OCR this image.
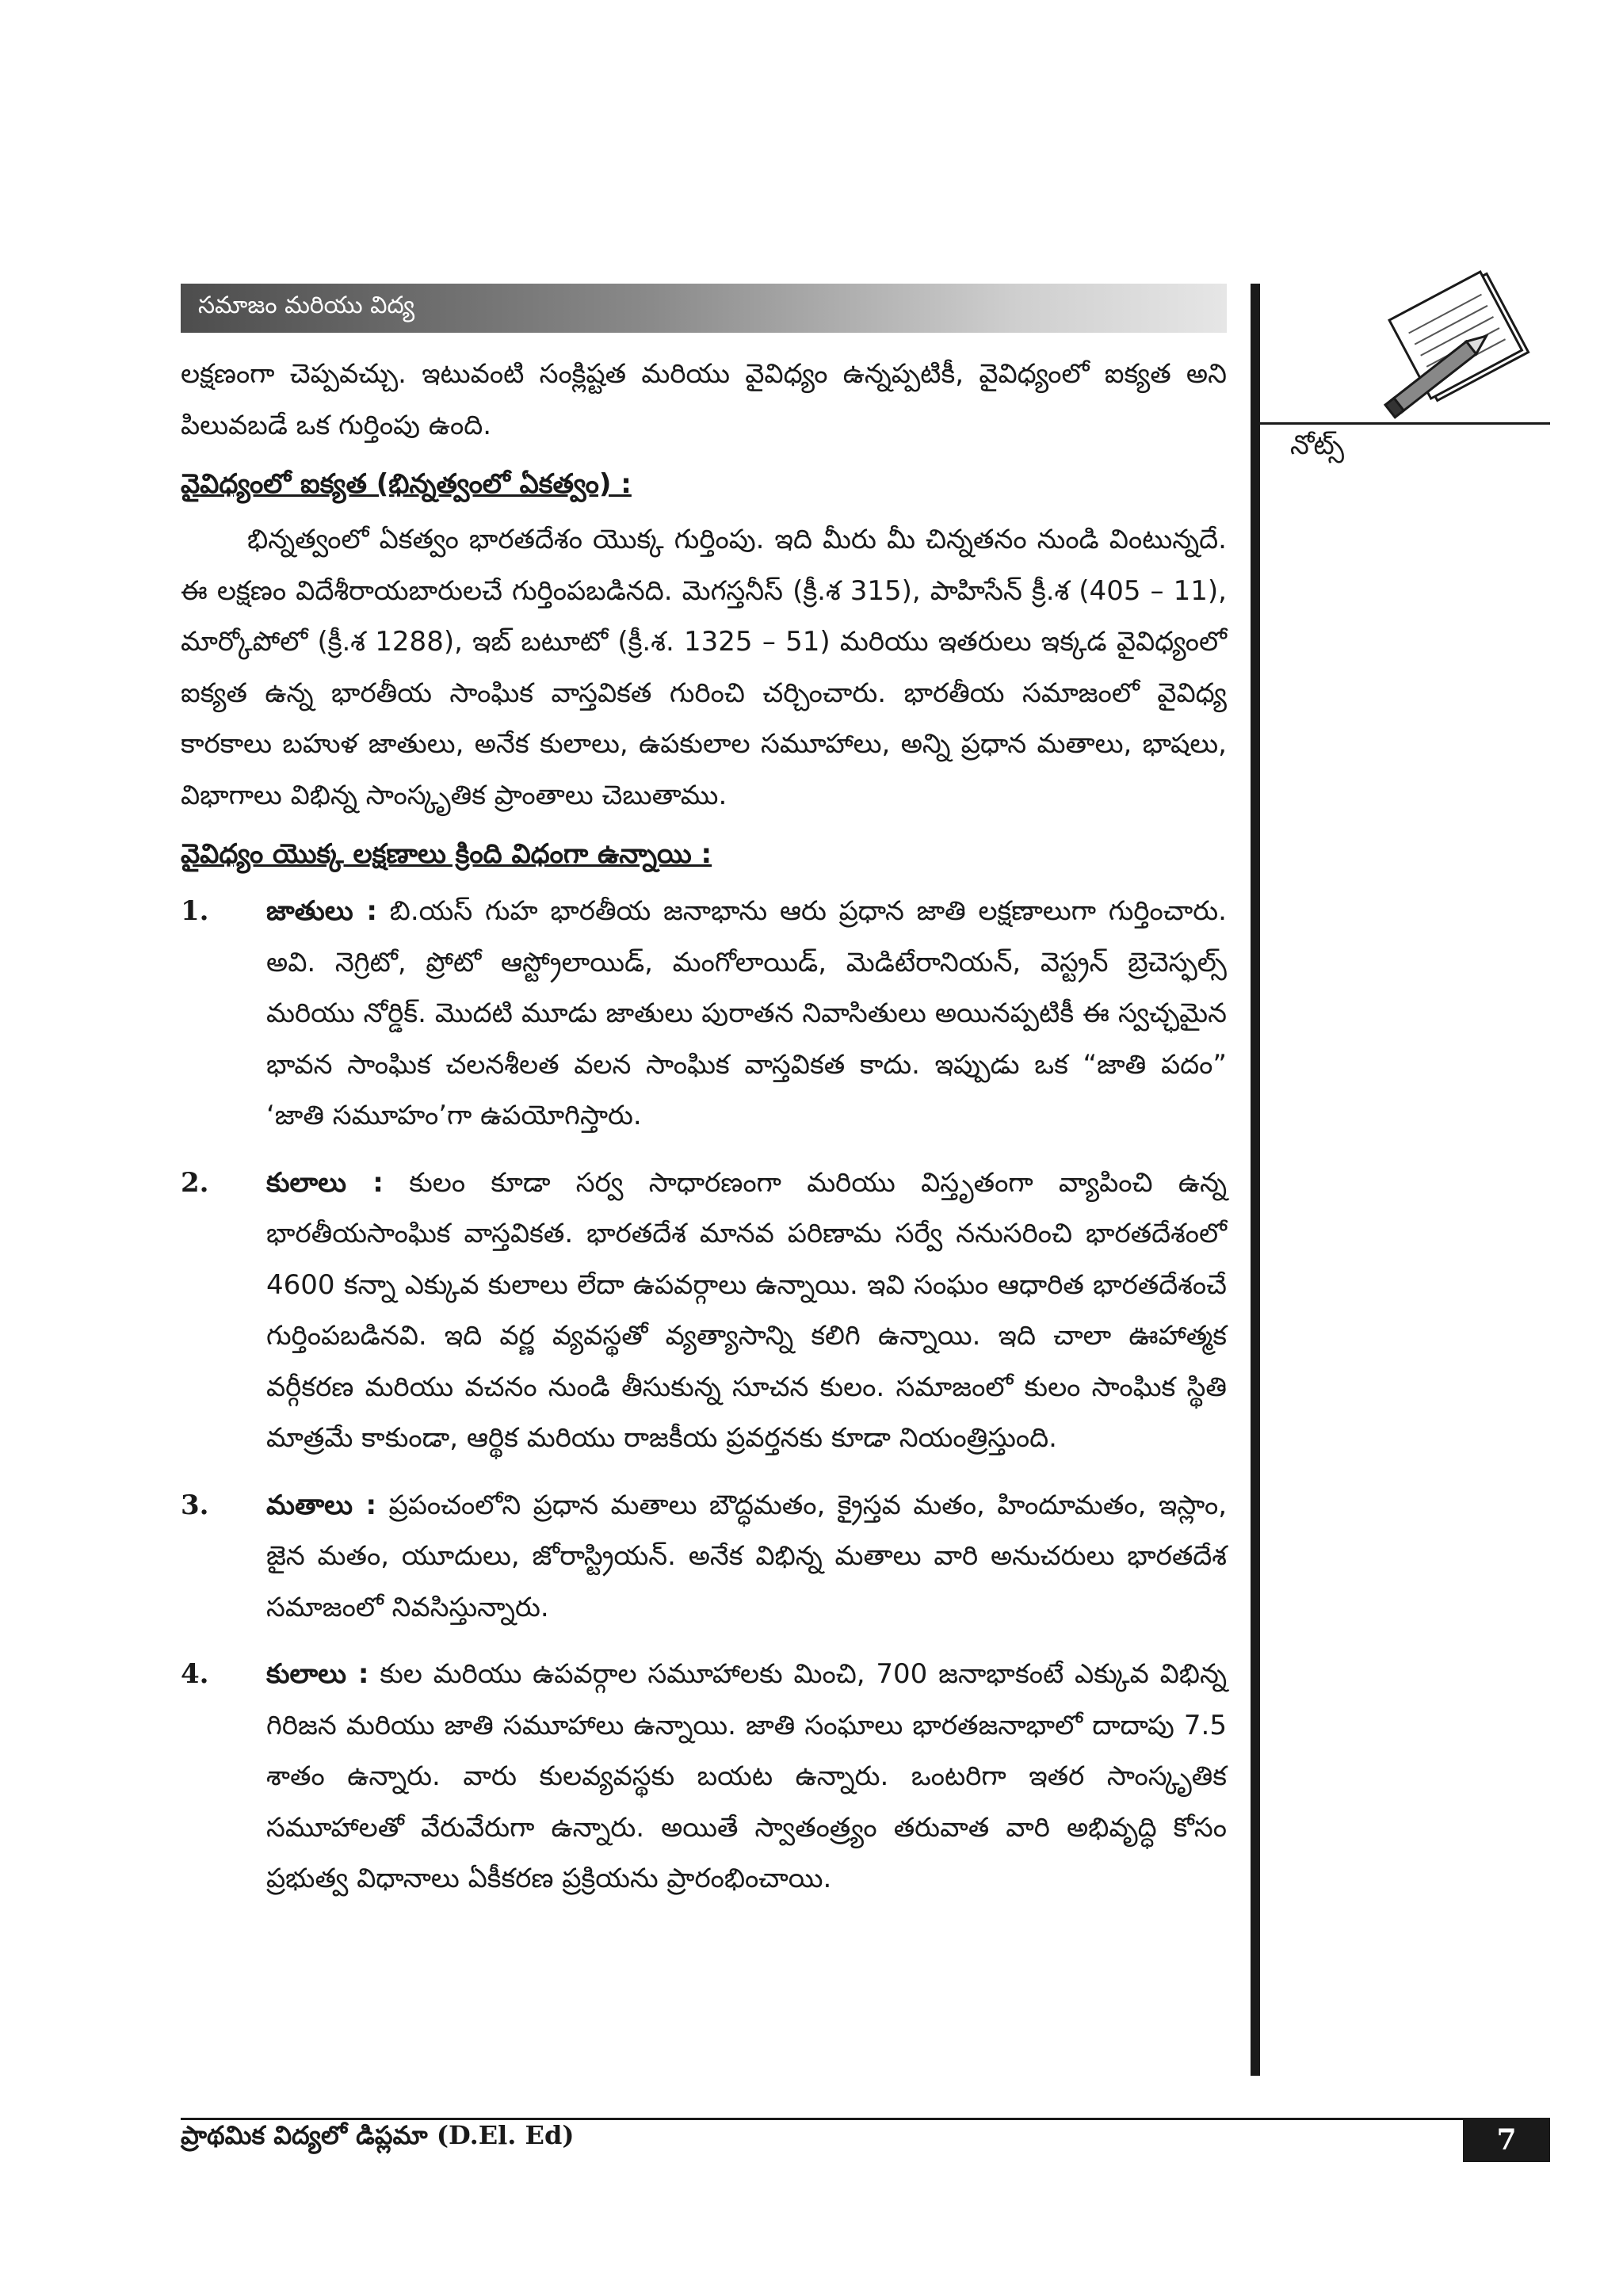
సమాజం మరియు విద్య
నోట్స్

లక్షణంగా చెప్పవచ్చు. ఇటువంటి సంక్లిష్టత మరియు వైవిధ్యం ఉన్నప్పటికీ, వైవిధ్యంలో ఐక్యత అని పిలువబడే ఒక గుర్తింపు ఉంది.

వైవిధ్యంలో ఐక్యత (భిన్నత్వంలో ఏకత్వం) :

భిన్నత్వంలో ఏకత్వం భారతదేశం యొక్క గుర్తింపు. ఇది మీరు మీ చిన్నతనం నుండి వింటున్నదే. ఈ లక్షణం విదేశీరాయబారులచే గుర్తింపబడినది. మెగస్తనీస్ (క్రీ.శ 315), పాహిసేన్ క్రీ.శ (405 – 11), మార్కోపోలో (క్రీ.శ 1288), ఇబ్ బటూటో (క్రీ.శ. 1325 – 51) మరియు ఇతరులు ఇక్కడ వైవిధ్యంలో ఐక్యత ఉన్న భారతీయ సాంఘిక వాస్తవికత గురించి చర్చించారు. భారతీయ సమాజంలో వైవిధ్య కారకాలు బహుళ జాతులు, అనేక కులాలు, ఉపకులాల సమూహాలు, అన్ని ప్రధాన మతాలు, భాషలు, విభాగాలు విభిన్న సాంస్కృతిక ప్రాంతాలు చెబుతాము.

వైవిధ్యం యొక్క లక్షణాలు క్రింది విధంగా ఉన్నాయి :
1.	జాతులు : బి.యస్ గుహ భారతీయ జనాభాను ఆరు ప్రధాన జాతి లక్షణాలుగా గుర్తించారు. అవి. నెగ్రిటో, ప్రోటో ఆస్ట్రోలాయిడ్, మంగోలాయిడ్, మెడిటేరానియన్, వెస్ట్రన్ బ్రెచెస్ఫల్స్ మరియు నోర్డిక్. మొదటి మూడు జాతులు పురాతన నివాసితులు అయినప్పటికీ ఈ స్వచ్ఛమైన భావన సాంఘిక చలనశీలత వలన సాంఘిక వాస్తవికత కాదు. ఇప్పుడు ఒక “జాతి పదం” ‘జాతి సమూహం’గా ఉపయోగిస్తారు.
2.	కులాలు : కులం కూడా సర్వ సాధారణంగా మరియు విస్తృతంగా వ్యాపించి ఉన్న భారతీయసాంఘిక వాస్తవికత. భారతదేశ మానవ పరిణామ సర్వే ననుసరించి భారతదేశంలో 4600 కన్నా ఎక్కువ కులాలు లేదా ఉపవర్గాలు ఉన్నాయి. ఇవి సంఘం ఆధారిత భారతదేశంచే గుర్తింపబడినవి. ఇది వర్ణ వ్యవస్థతో వ్యత్యాసాన్ని కలిగి ఉన్నాయి. ఇది చాలా ఊహాత్మక వర్గీకరణ మరియు వచనం నుండి తీసుకున్న సూచన కులం. సమాజంలో కులం సాంఘిక స్థితి మాత్రమే కాకుండా, ఆర్థిక మరియు రాజకీయ ప్రవర్తనకు కూడా నియంత్రిస్తుంది.
3.	మతాలు : ప్రపంచంలోని ప్రధాన మతాలు బౌద్ధమతం, క్రైస్తవ మతం, హిందూమతం, ఇస్లాం, జైన మతం, యూదులు, జోరాస్ట్రియన్. అనేక విభిన్న మతాలు వారి అనుచరులు భారతదేశ సమాజంలో నివసిస్తున్నారు.
4.	కులాలు : కుల మరియు ఉపవర్గాల సమూహాలకు మించి, 700 జనాభాకంటే ఎక్కువ విభిన్న గిరిజన మరియు జాతి సమూహాలు ఉన్నాయి. జాతి సంఘాలు భారతజనాభాలో దాదాపు 7.5 శాతం ఉన్నారు. వారు కులవ్యవస్థకు బయట ఉన్నారు. ఒంటరిగా ఇతర సాంస్కృతిక సమూహాలతో వేరువేరుగా ఉన్నారు. అయితే స్వాతంత్ర్యం తరువాత వారి అభివృద్ధి కోసం ప్రభుత్వ విధానాలు ఏకీకరణ ప్రక్రియను ప్రారంభించాయి.
ప్రాథమిక విద్యలో డిప్లమా (D.El. Ed)	7
